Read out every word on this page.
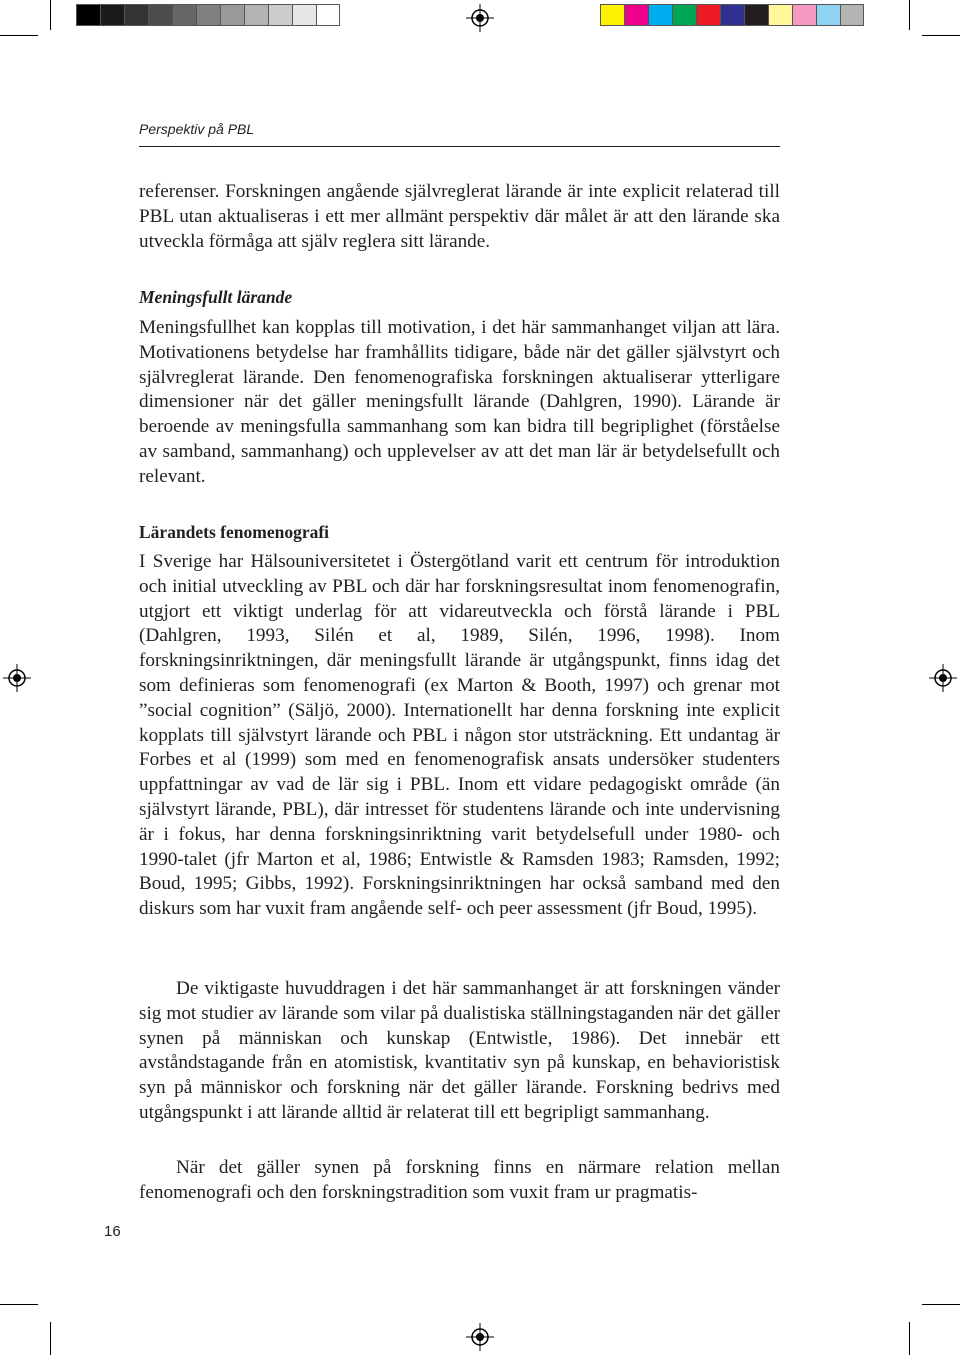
Perspektiv på PBL

referenser. Forskningen angående självreglerat lärande är inte explicit relaterad till PBL utan aktualiseras i ett mer allmänt perspektiv där målet är att den lärande ska utveckla förmåga att själv reglera sitt lärande.

Meningsfullt lärande

Meningsfullhet kan kopplas till motivation, i det här sammanhanget viljan att lära. Motivationens betydelse har framhållits tidigare, både när det gäller självstyrt och självreglerat lärande. Den fenomenografiska forskningen aktualiserar ytterligare dimensioner när det gäller meningsfullt lärande (Dahlgren, 1990). Lärande är beroende av meningsfulla sammanhang som kan bidra till begriplighet (förståelse av samband, sammanhang) och upplevelser av att det man lär är betydelsefullt och relevant.

Lärandets fenomenografi

I Sverige har Hälsouniversitetet i Östergötland varit ett centrum för introduktion och initial utveckling av PBL och där har forskningsresultat inom fenomenografin, utgjort ett viktigt underlag för att vidareutveckla och förstå lärande i PBL (Dahlgren, 1993, Silén et al, 1989, Silén, 1996, 1998). Inom forskningsinriktningen, där meningsfullt lärande är utgångspunkt, finns idag det som definieras som fenomenografi (ex Marton & Booth, 1997) och grenar mot ”social cognition” (Säljö, 2000). Internationellt har denna forskning inte explicit kopplats till självstyrt lärande och PBL i någon stor utsträckning. Ett undantag är Forbes et al (1999) som med en fenomenografisk ansats undersöker studenters uppfattningar av vad de lär sig i PBL. Inom ett vidare pedagogiskt område (än självstyrt lärande, PBL), där intresset för studentens lärande och inte undervisning är i fokus, har denna forskningsinriktning varit betydelsefull under 1980- och 1990-talet (jfr Marton et al, 1986; Entwistle & Ramsden 1983; Ramsden, 1992; Boud, 1995; Gibbs, 1992). Forskningsinriktningen har också samband med den diskurs som har vuxit fram angående self- och peer assessment (jfr Boud, 1995).

De viktigaste huvuddragen i det här sammanhanget är att forskningen vänder sig mot studier av lärande som vilar på dualistiska ställningstaganden när det gäller synen på människan och kunskap (Entwistle, 1986). Det innebär ett avståndstagande från en atomistisk, kvantitativ syn på kunskap, en behavioristisk syn på människor och forskning när det gäller lärande. Forskning bedrivs med utgångspunkt i att lärande alltid är relaterat till ett begripligt sammanhang.

När det gäller synen på forskning finns en närmare relation mellan fenomenografi och den forskningstradition som vuxit fram ur pragmatis-

16
